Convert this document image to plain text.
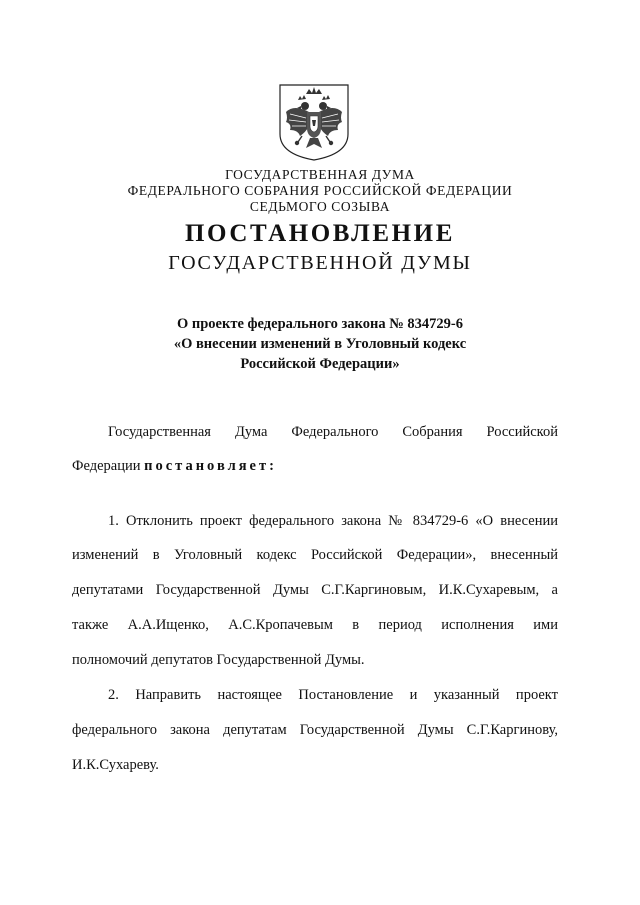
ГОСУДАРСТВЕННАЯ ДУМА
ФЕДЕРАЛЬНОГО СОБРАНИЯ РОССИЙСКОЙ ФЕДЕРАЦИИ
СЕДЬМОГО СОЗЫВА
ПОСТАНОВЛЕНИЕ
ГОСУДАРСТВЕННОЙ ДУМЫ
О проекте федерального закона № 834729-6
«О внесении изменений в Уголовный кодекс
Российской Федерации»
Государственная Дума Федерального Собрания Российской
Федерации постановляет:
1. Отклонить проект федерального закона № 834729-6 «О внесении
изменений в Уголовный кодекс Российской Федерации», внесенный
депутатами Государственной Думы С.Г.Каргиновым, И.К.Сухаревым, а
также А.А.Ищенко, А.С.Кропачевым в период исполнения ими
полномочий депутатов Государственной Думы.
2. Направить настоящее Постановление и указанный проект
федерального закона депутатам Государственной Думы С.Г.Каргинову,
И.К.Сухареву.
